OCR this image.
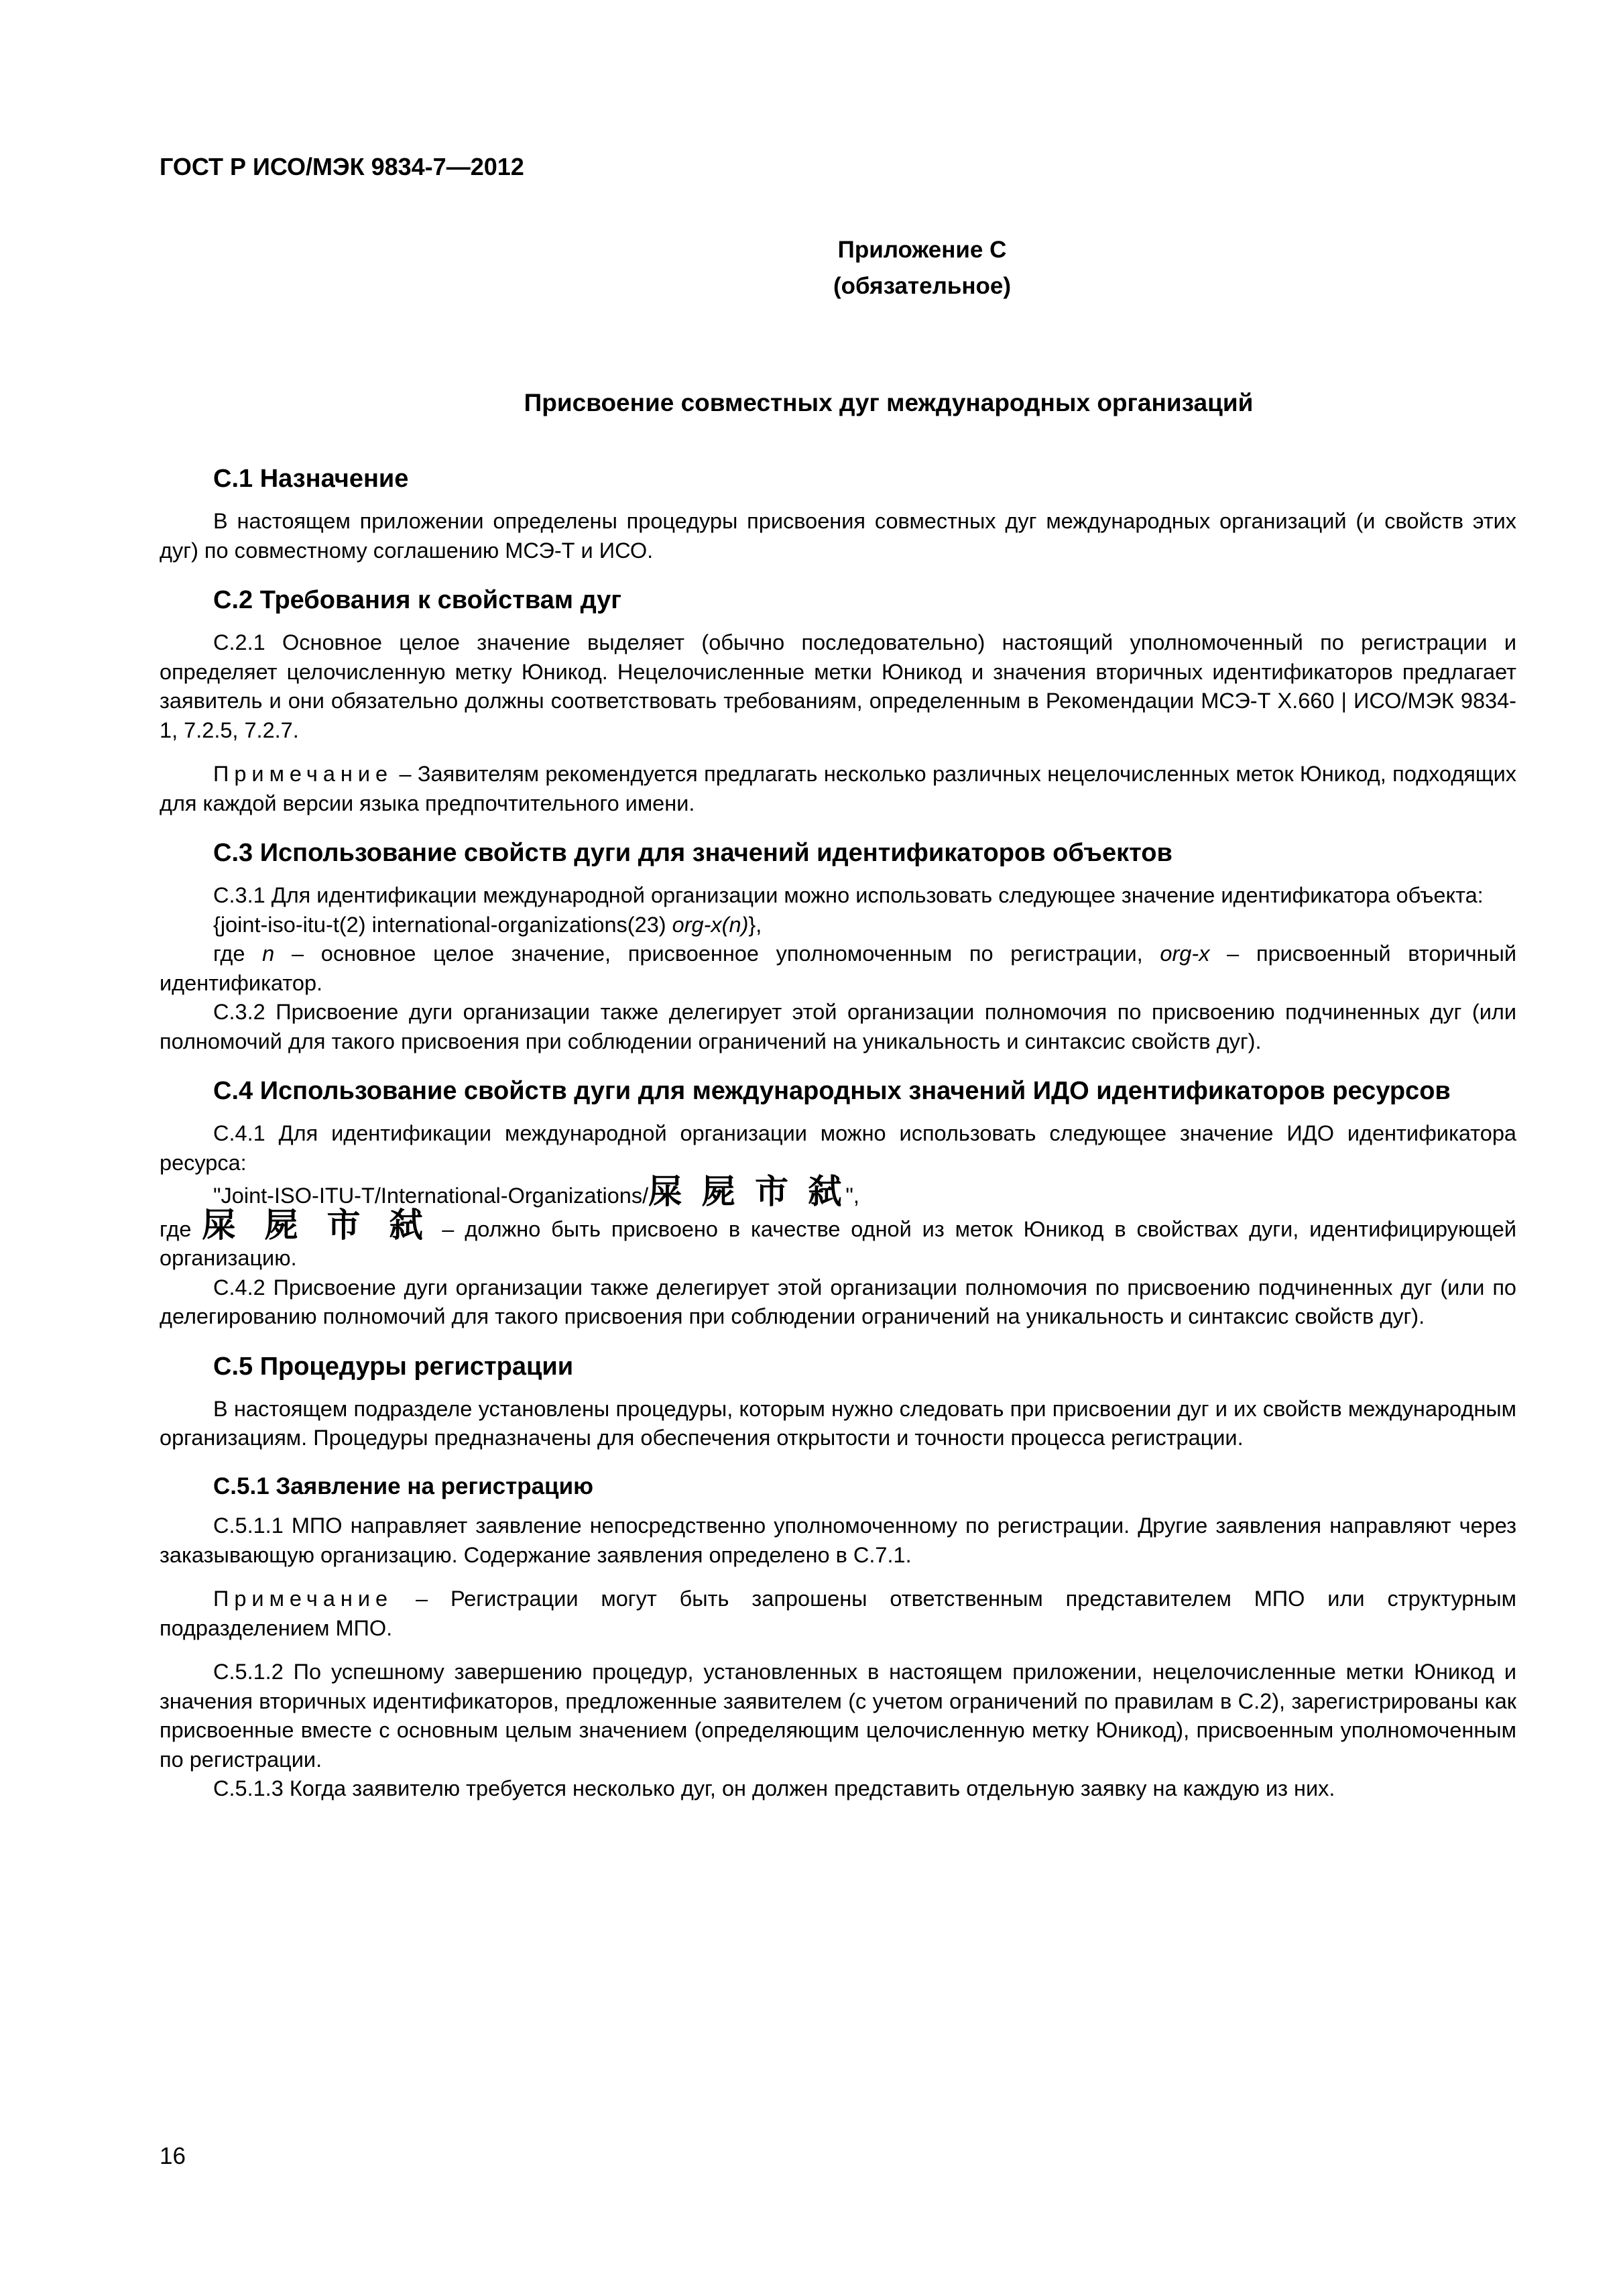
ГОСТ Р ИСО/МЭК 9834-7—2012

Приложение С
(обязательное)

Присвоение совместных дуг международных организаций

C.1 Назначение

В настоящем приложении определены процедуры присвоения совместных дуг международных организаций (и свойств этих дуг) по совместному соглашению МСЭ-Т и ИСО.

С.2 Требования к свойствам дуг

С.2.1 Основное целое значение выделяет (обычно последовательно) настоящий уполномоченный по регистрации и определяет целочисленную метку Юникод. Нецелочисленные метки Юникод и значения вторичных идентификаторов предлагает заявитель и они обязательно должны соответствовать требованиям, определенным в Рекомендации МСЭ-Т Х.660 | ИСО/МЭК 9834-1, 7.2.5, 7.2.7.

Примечание – Заявителям рекомендуется предлагать несколько различных нецелочисленных меток Юникод, подходящих для каждой версии языка предпочтительного имени.

С.3 Использование свойств дуги для значений идентификаторов объектов

С.3.1 Для идентификации международной организации можно использовать следующее значение идентификатора объекта:

{joint-iso-itu-t(2) international-organizations(23) org-x(n)},

где n – основное целое значение, присвоенное уполномоченным по регистрации, org-x – присвоенный вторичный идентификатор.

С.3.2 Присвоение дуги организации также делегирует этой организации полномочия по присвоению подчиненных дуг (или полномочий для такого присвоения при соблюдении ограничений на уникальность и синтаксис свойств дуг).

С.4 Использование свойств дуги для международных значений ИДО идентификаторов ресурсов

С.4.1 Для идентификации международной организации можно использовать следующее значение ИДО идентификатора ресурса:

"Joint-ISO-ITU-T/International-Organizations/屎 屍 市 弑",

где 屎 屍 市 弑 – должно быть присвоено в качестве одной из меток Юникод в свойствах дуги, идентифицирующей организацию.

С.4.2 Присвоение дуги организации также делегирует этой организации полномочия по присвоению подчиненных дуг (или по делегированию полномочий для такого присвоения при соблюдении ограничений на уникальность и синтаксис свойств дуг).

С.5 Процедуры регистрации

В настоящем подразделе установлены процедуры, которым нужно следовать при присвоении дуг и их свойств международным организациям. Процедуры предназначены для обеспечения открытости и точности процесса регистрации.

С.5.1 Заявление на регистрацию

С.5.1.1 МПО направляет заявление непосредственно уполномоченному по регистрации. Другие заявления направляют через заказывающую организацию. Содержание заявления определено в С.7.1.

Примечание – Регистрации могут быть запрошены ответственным представителем МПО или структурным подразделением МПО.

С.5.1.2 По успешному завершению процедур, установленных в настоящем приложении, нецелочисленные метки Юникод и значения вторичных идентификаторов, предложенные заявителем (с учетом ограничений по правилам в С.2), зарегистрированы как присвоенные вместе с основным целым значением (определяющим целочисленную метку Юникод), присвоенным уполномоченным по регистрации.

С.5.1.3 Когда заявителю требуется несколько дуг, он должен представить отдельную заявку на каждую из них.

16
